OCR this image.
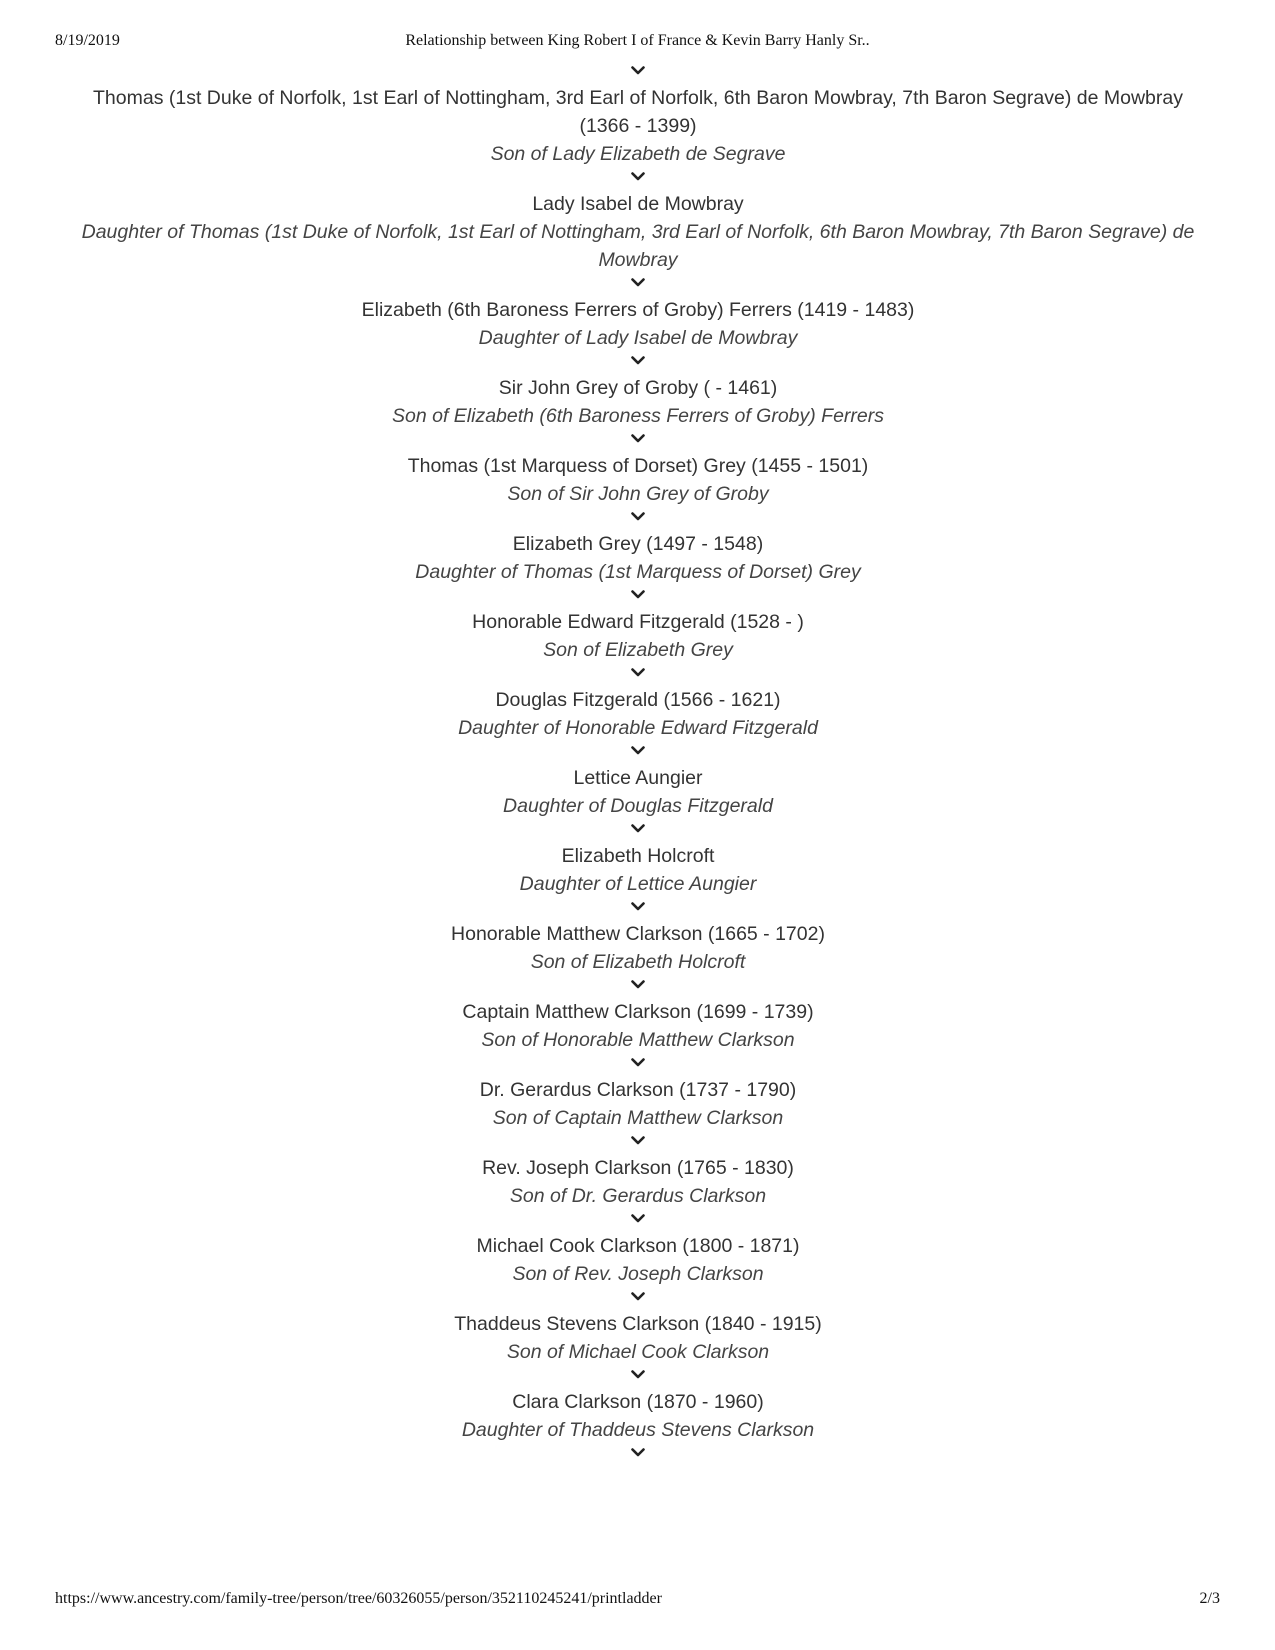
8/19/2019	Relationship between King Robert I of France & Kevin Barry Hanly Sr..
Thomas (1st Duke of Norfolk, 1st Earl of Nottingham, 3rd Earl of Norfolk, 6th Baron Mowbray, 7th Baron Segrave) de Mowbray (1366 - 1399)
Son of Lady Elizabeth de Segrave
Lady Isabel de Mowbray
Daughter of Thomas (1st Duke of Norfolk, 1st Earl of Nottingham, 3rd Earl of Norfolk, 6th Baron Mowbray, 7th Baron Segrave) de Mowbray
Elizabeth (6th Baroness Ferrers of Groby) Ferrers (1419 - 1483)
Daughter of Lady Isabel de Mowbray
Sir John Grey of Groby ( - 1461)
Son of Elizabeth (6th Baroness Ferrers of Groby) Ferrers
Thomas (1st Marquess of Dorset) Grey (1455 - 1501)
Son of Sir John Grey of Groby
Elizabeth Grey (1497 - 1548)
Daughter of Thomas (1st Marquess of Dorset) Grey
Honorable Edward Fitzgerald (1528 - )
Son of Elizabeth Grey
Douglas Fitzgerald (1566 - 1621)
Daughter of Honorable Edward Fitzgerald
Lettice Aungier
Daughter of Douglas Fitzgerald
Elizabeth Holcroft
Daughter of Lettice Aungier
Honorable Matthew Clarkson (1665 - 1702)
Son of Elizabeth Holcroft
Captain Matthew Clarkson (1699 - 1739)
Son of Honorable Matthew Clarkson
Dr. Gerardus Clarkson (1737 - 1790)
Son of Captain Matthew Clarkson
Rev. Joseph Clarkson (1765 - 1830)
Son of Dr. Gerardus Clarkson
Michael Cook Clarkson (1800 - 1871)
Son of Rev. Joseph Clarkson
Thaddeus Stevens Clarkson (1840 - 1915)
Son of Michael Cook Clarkson
Clara Clarkson (1870 - 1960)
Daughter of Thaddeus Stevens Clarkson
https://www.ancestry.com/family-tree/person/tree/60326055/person/352110245241/printladder	2/3
